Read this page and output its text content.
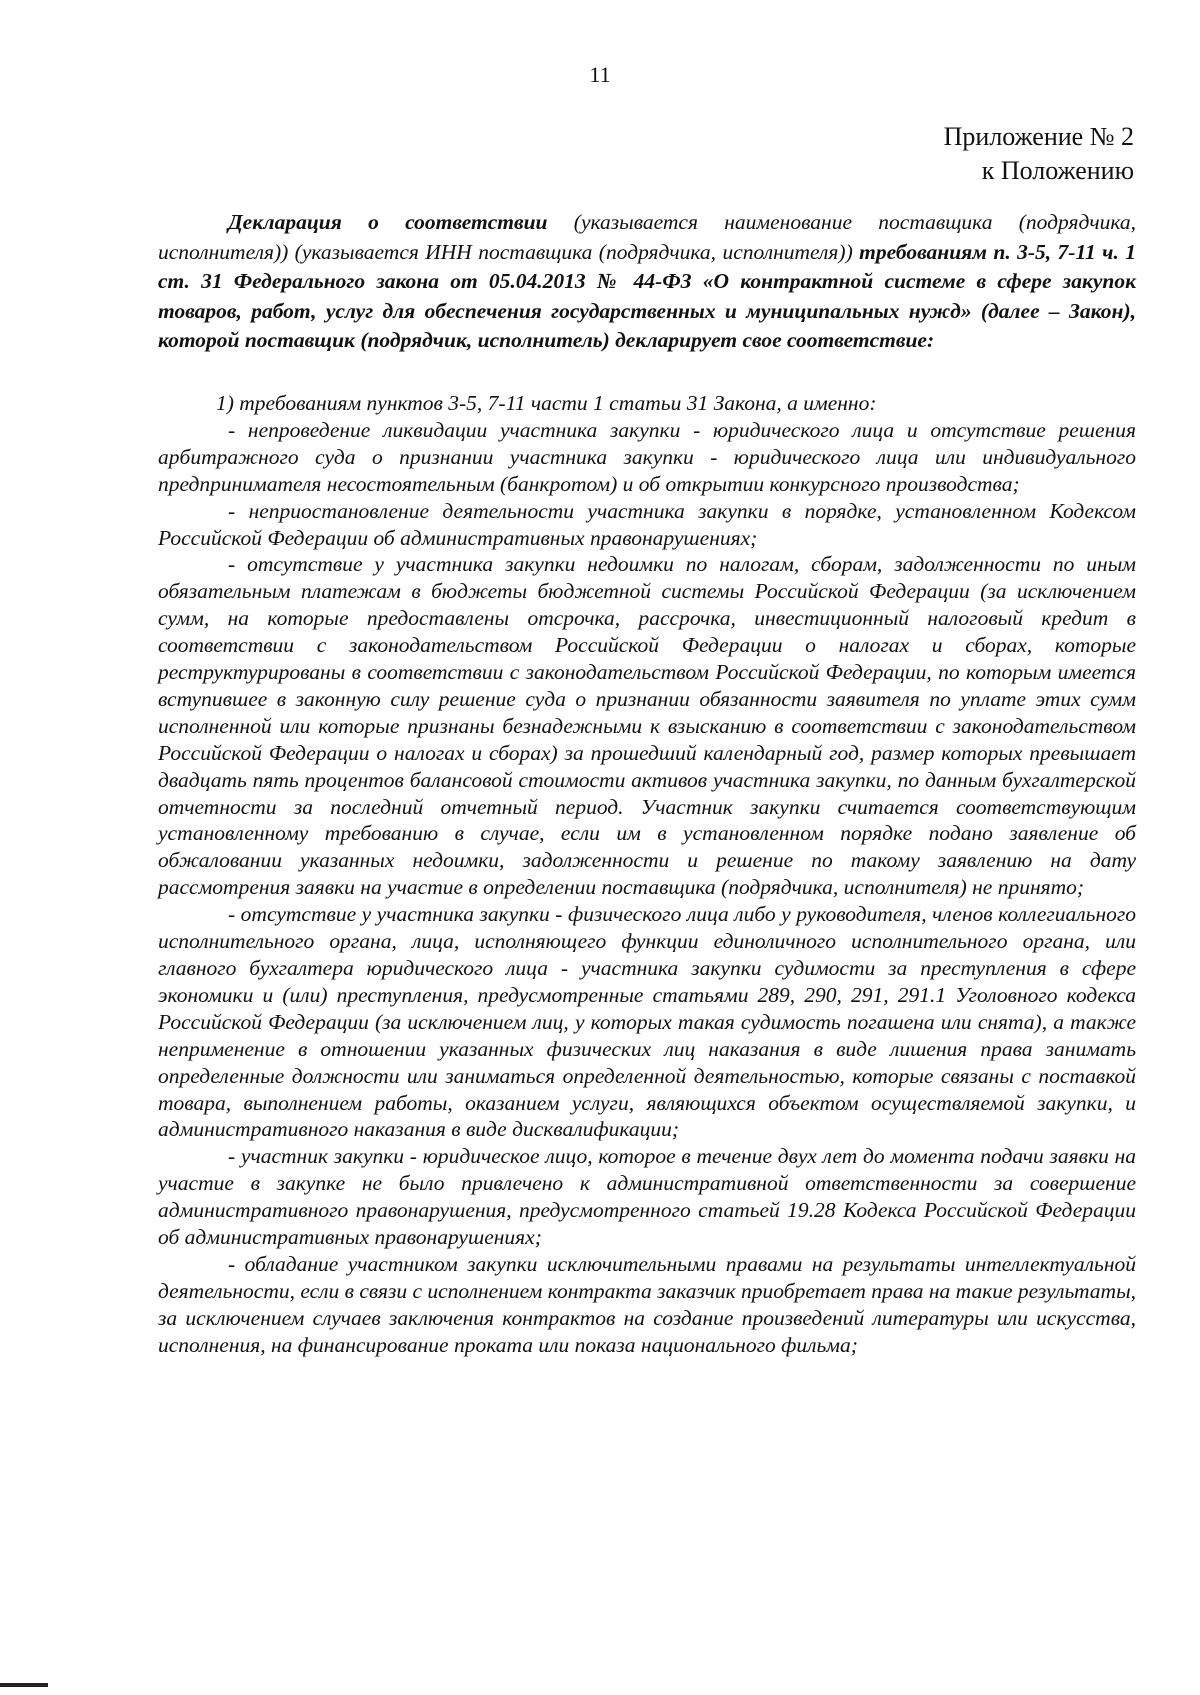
11
Приложение № 2
к Положению

Декларация о соответствии (указывается наименование поставщика (подрядчика, исполнителя)) (указывается ИНН поставщика (подрядчика, исполнителя)) требованиям п. 3-5, 7-11 ч. 1 ст. 31 Федерального закона от 05.04.2013 № 44-ФЗ «О контрактной системе в сфере закупок товаров, работ, услуг для обеспечения государственных и муниципальных нужд» (далее – Закон), которой поставщик (подрядчик, исполнитель) декларирует свое соответствие:

1) требованиям пунктов 3-5, 7-11 части 1 статьи 31 Закона, а именно:

- непроведение ликвидации участника закупки - юридического лица и отсутствие решения арбитражного суда о признании участника закупки - юридического лица или индивидуального предпринимателя несостоятельным (банкротом) и об открытии конкурсного производства;

- неприостановление деятельности участника закупки в порядке, установленном Кодексом Российской Федерации об административных правонарушениях;

- отсутствие у участника закупки недоимки по налогам, сборам, задолженности по иным обязательным платежам в бюджеты бюджетной системы Российской Федерации (за исключением сумм, на которые предоставлены отсрочка, рассрочка, инвестиционный налоговый кредит в соответствии с законодательством Российской Федерации о налогах и сборах, которые реструктурированы в соответствии с законодательством Российской Федерации, по которым имеется вступившее в законную силу решение суда о признании обязанности заявителя по уплате этих сумм исполненной или которые признаны безнадежными к взысканию в соответствии с законодательством Российской Федерации о налогах и сборах) за прошедший календарный год, размер которых превышает двадцать пять процентов балансовой стоимости активов участника закупки, по данным бухгалтерской отчетности за последний отчетный период. Участник закупки считается соответствующим установленному требованию в случае, если им в установленном порядке подано заявление об обжаловании указанных недоимки, задолженности и решение по такому заявлению на дату рассмотрения заявки на участие в определении поставщика (подрядчика, исполнителя) не принято;

- отсутствие у участника закупки - физического лица либо у руководителя, членов коллегиального исполнительного органа, лица, исполняющего функции единоличного исполнительного органа, или главного бухгалтера юридического лица - участника закупки судимости за преступления в сфере экономики и (или) преступления, предусмотренные статьями 289, 290, 291, 291.1 Уголовного кодекса Российской Федерации (за исключением лиц, у которых такая судимость погашена или снята), а также неприменение в отношении указанных физических лиц наказания в виде лишения права занимать определенные должности или заниматься определенной деятельностью, которые связаны с поставкой товара, выполнением работы, оказанием услуги, являющихся объектом осуществляемой закупки, и административного наказания в виде дисквалификации;

- участник закупки - юридическое лицо, которое в течение двух лет до момента подачи заявки на участие в закупке не было привлечено к административной ответственности за совершение административного правонарушения, предусмотренного статьей 19.28 Кодекса Российской Федерации об административных правонарушениях;

- обладание участником закупки исключительными правами на результаты интеллектуальной деятельности, если в связи с исполнением контракта заказчик приобретает права на такие результаты, за исключением случаев заключения контрактов на создание произведений литературы или искусства, исполнения, на финансирование проката или показа национального фильма;
